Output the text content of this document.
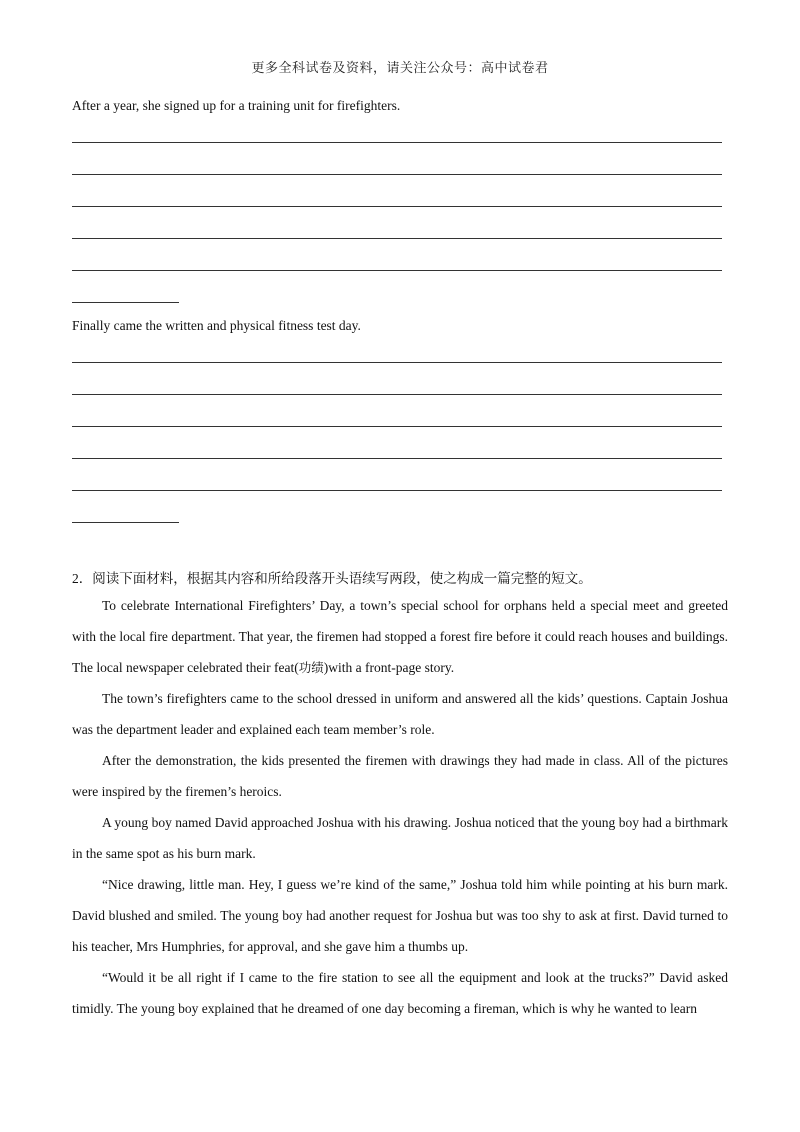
更多全科试卷及资料，请关注公众号：高中试卷君
After a year, she signed up for a training unit for firefighters.
Finally came the written and physical fitness test day.
2．阅读下面材料，根据其内容和所给段落开头语续写两段，使之构成一篇完整的短文。

To celebrate International Firefighters’ Day, a town’s special school for orphans held a special meet and greeted with the local fire department. That year, the firemen had stopped a forest fire before it could reach houses and buildings. The local newspaper celebrated their feat(功绩)with a front-page story.

The town’s firefighters came to the school dressed in uniform and answered all the kids’ questions. Captain Joshua was the department leader and explained each team member’s role.

After the demonstration, the kids presented the firemen with drawings they had made in class. All of the pictures were inspired by the firemen’s heroics.

A young boy named David approached Joshua with his drawing. Joshua noticed that the young boy had a birthmark in the same spot as his burn mark.

“Nice drawing, little man. Hey, I guess we’re kind of the same,” Joshua told him while pointing at his burn mark. David blushed and smiled. The young boy had another request for Joshua but was too shy to ask at first. David turned to his teacher, Mrs Humphries, for approval, and she gave him a thumbs up.

“Would it be all right if I came to the fire station to see all the equipment and look at the trucks?” David asked timidly. The young boy explained that he dreamed of one day becoming a fireman, which is why he wanted to learn
